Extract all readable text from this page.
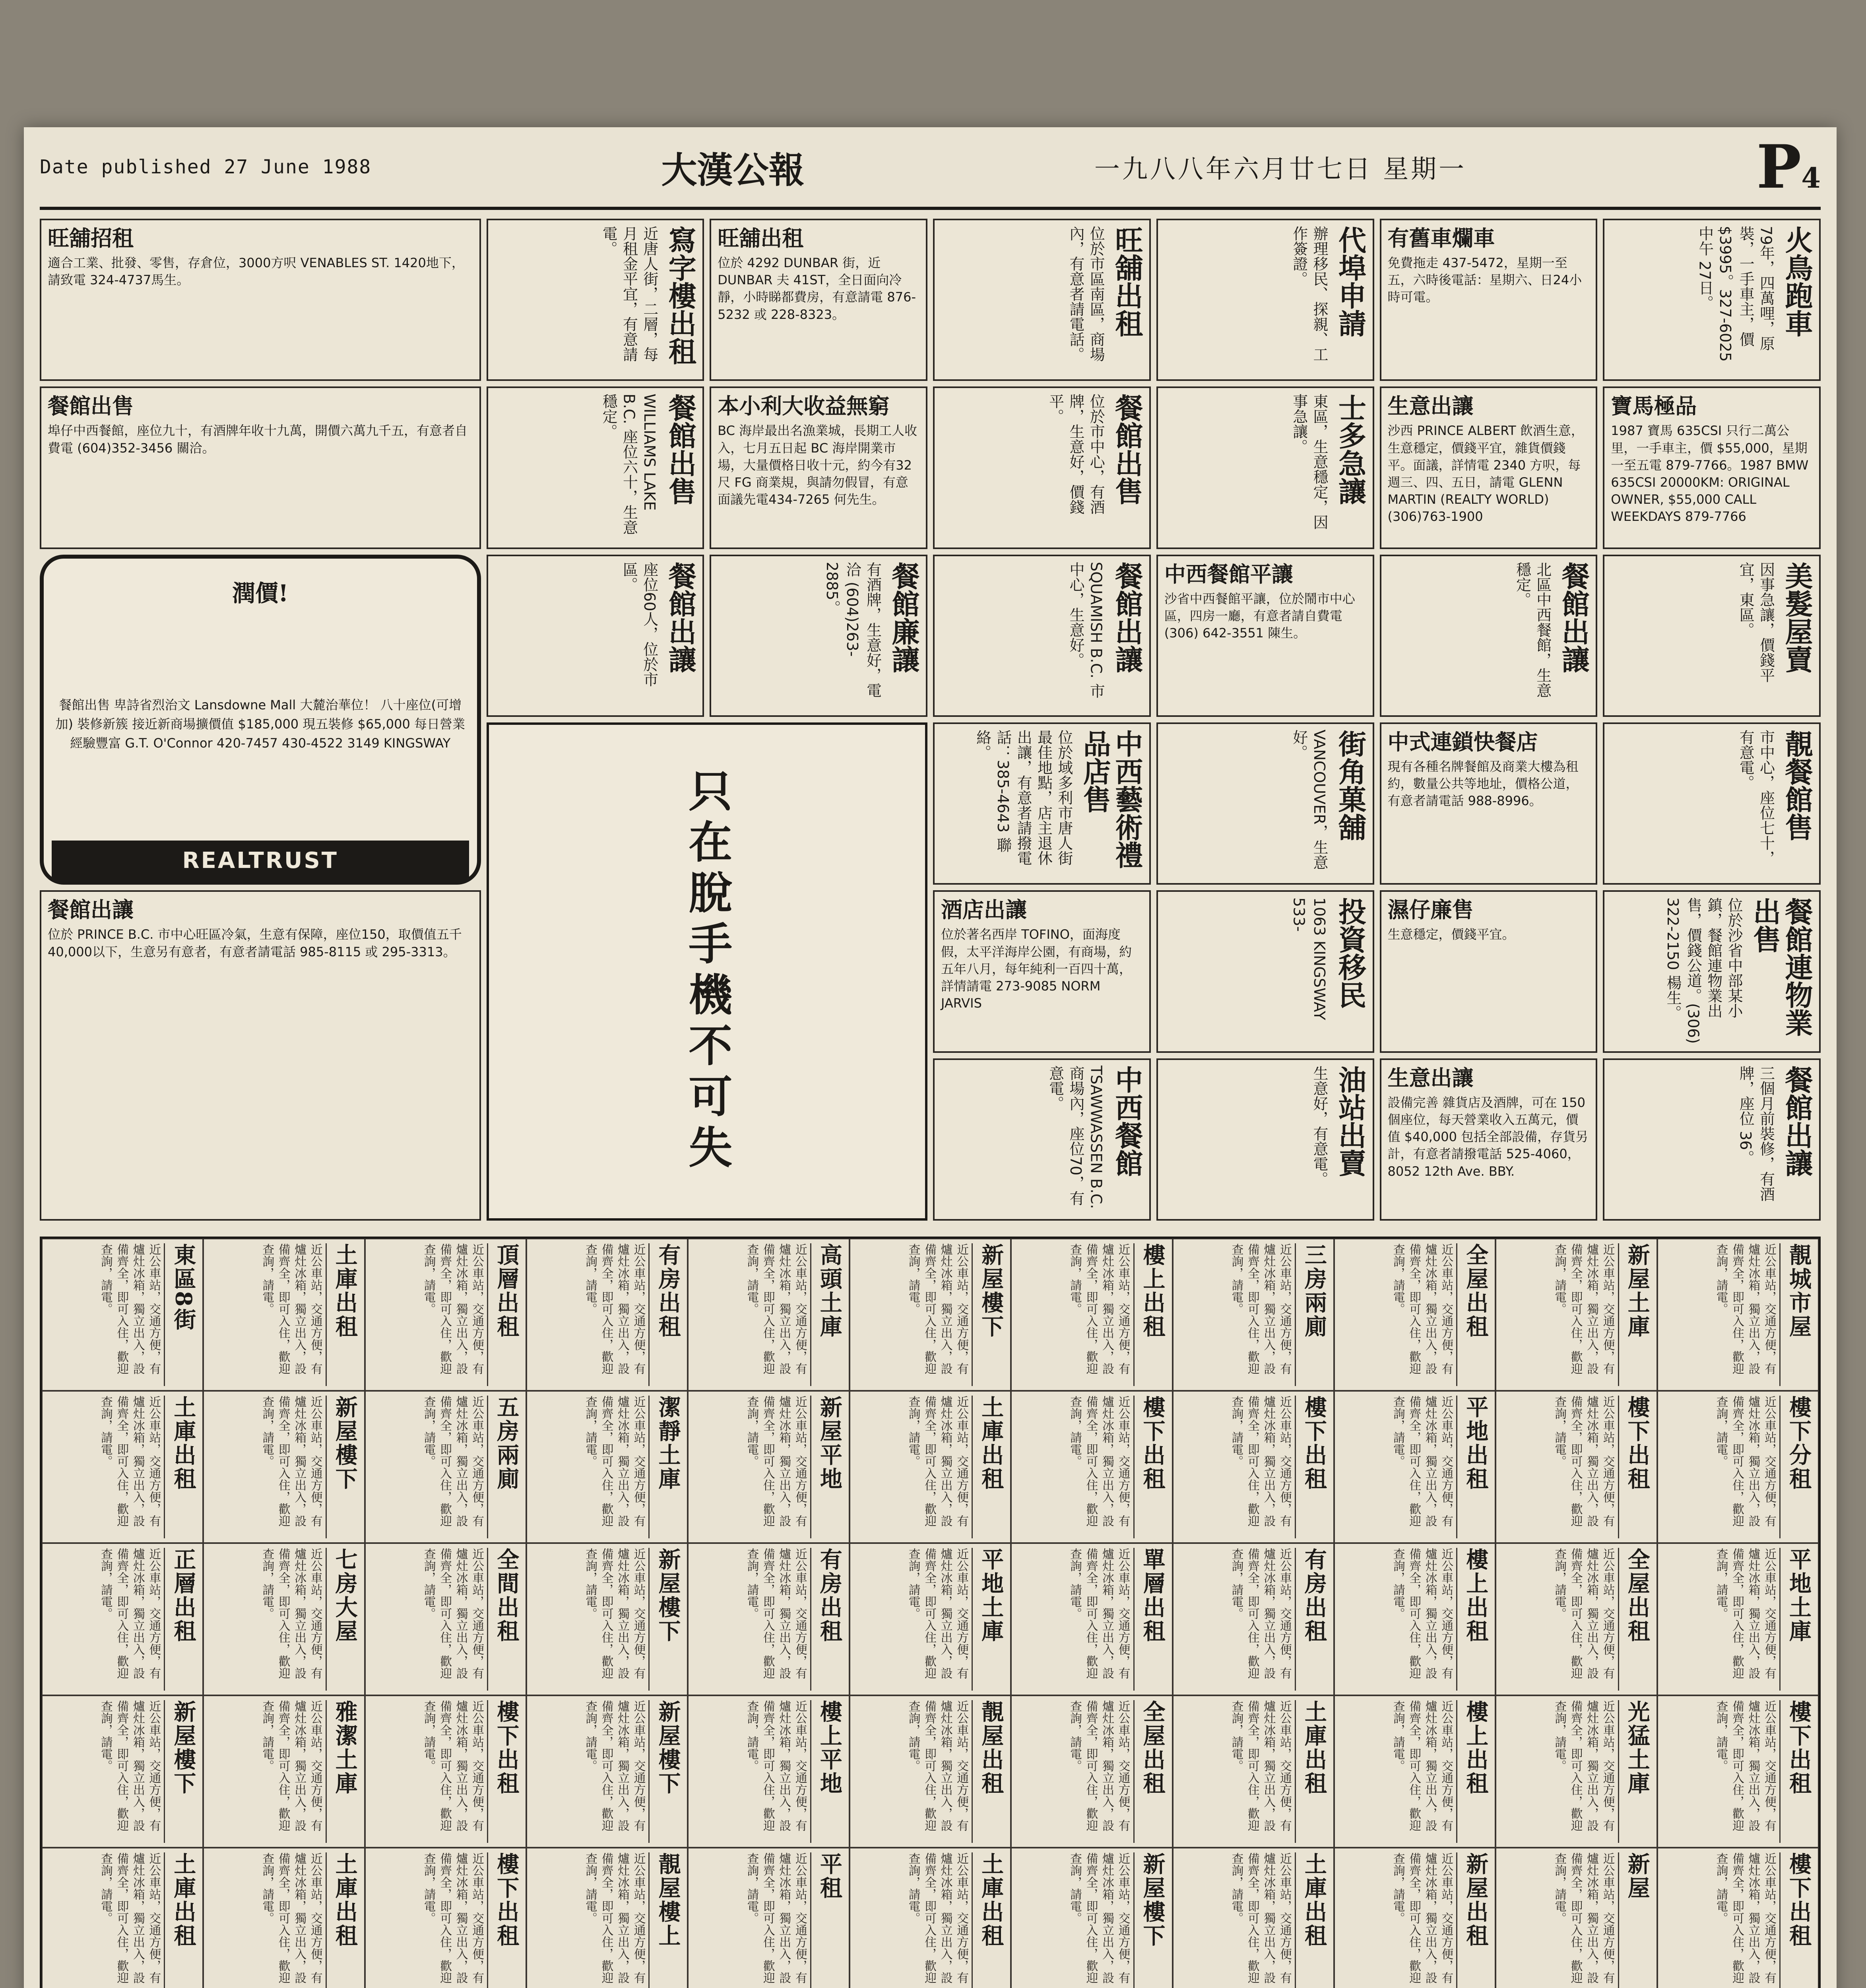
Date published 27 June 1988	大漢公報	一九八八年六月廿七日 星期一	P4
旺舖招租
適合工業、批發、零售，存倉位，3000方呎 VENABLES ST. 1420地下，請致電 324-4737馬生。	寫字樓出租
近唐人街，二層，每月租金平宜，有意請電。	旺舖出租
位於 4292 DUNBAR 街，近 DUNBAR 夫 41ST，全日面向冷靜，小時睇都費房，有意請電 876-5232 或 228-8323。	旺舖出租
位於市區南區，商場內，有意者請電話。	代埠申請
辦理移民、探親、工作簽證。	有舊車爛車
免費拖走 437-5472，星期一至五，六時後電話：星期六、日24小時可電。	火鳥跑車
79年，四萬哩，原裝，一手車主，價$3995。327-6025 中午 27日。
餐館出售
埠仔中西餐館，座位九十，有酒牌年收十九萬，開價六萬九千五，有意者自費電 (604)352-3456 關洽。	餐館出售
WILLIAMS LAKE B.C. 座位六十，生意穩定。	本小利大收益無窮
BC 海岸最出名漁業城，長期工人收入，七月五日起 BC 海岸開業市場，大量價格日收十元，約今有32尺 FG 商業規，與請勿假冒，有意面議先電434-7265 何先生。	餐館出售
位於市中心，有酒牌，生意好，價錢平。	士多急讓
東區，生意穩定，因事急讓。	生意出讓
沙西 PRINCE ALBERT 飲酒生意，生意穩定，價錢平宜，雜貨價錢平。面議，詳情電 2340 方呎，每週三、四、五日，請電 GLENN MARTIN (REALTY WORLD) (306)763-1900
寶馬極品
1987 寶馬 635CSI 只行二萬公里，一手車主，價 $55,000，星期一至五電 879-7766。1987 BMW 635CSI 20000KM: ORIGINAL OWNER, $55,000 CALL WEEKDAYS 879-7766
潤價!
餐館出售 卑詩省烈治文 Lansdowne Mall 大麓治華位！ 八十座位(可增加) 裝修新簇 接近新商場擴價值 $185,000 現五裝修 $65,000 每日營業 經驗豐富 G.T. O'Connor 420-7457 430-4522 3149 KINGSWAY
REALTRUST
餐館出讓
座位60人，位於市區。	餐館廉讓
有酒牌，生意好，電洽 (604)263-2885。	餐館出讓
SQUAMISH B.C. 市中心，生意好。	中西餐館平讓
沙省中西餐館平讓，位於鬧市中心區，四房一廳，有意者請自費電 (306) 642-3551 陳生。	餐館出讓
北區中西餐館，生意穩定。	美髮屋賣
因事急讓，價錢平宜，東區。
只在脫手機不可失	中西藝術禮品店售
位於域多利市唐人街最佳地點，店主退休出讓，有意者請撥電話：385-4643 聯絡。	街角菓舖
VANCOUVER，生意好。	中式連鎖快餐店
現有各種名牌餐館及商業大樓為租約，數量公共等地址，價格公道，有意者請電話 988-8996。	靚餐館售
市中心，座位七十，有意電。
餐館出讓
位於 PRINCE B.C. 市中心旺區冷氣，生意有保障，座位150，取價值五千40,000以下，生意另有意者，有意者請電話 985-8115 或 295-3313。
酒店出讓
位於著名西岸 TOFINO，面海度假，太平洋海岸公園，有商場，約五年八月，每年純利一百四十萬，詳情請電 273-9085 NORM JARVIS	投資移民
1063 KINGSWAY 533-	濕仔廉售
生意穩定，價錢平宜。	餐館連物業出售
位於沙省中部某小鎮，餐館連物業出售，價錢公道。(306) 322-2150 楊生。
中西餐館
TSAWWASSEN B.C. 商場內，座位70，有意電。	油站出賣
生意好，有意電。	生意出讓
設備完善 雜貨店及酒牌，可在 150 個座位，每天營業收入五萬元，價值 $40,000 包括全部設備，存貨另計，有意者請撥電話 525-4060，8052 12th Ave. BBY.	餐館出讓
三個月前裝修，有酒牌，座位 36。
東區8街
近公車站，交通方便，有爐灶冰箱，獨立出入，設備齊全，即可入住，歡迎查詢，請電。	土庫出租
近公車站，交通方便，有爐灶冰箱，獨立出入，設備齊全，即可入住，歡迎查詢，請電。	頂層出租
近公車站，交通方便，有爐灶冰箱，獨立出入，設備齊全，即可入住，歡迎查詢，請電。	有房出租
近公車站，交通方便，有爐灶冰箱，獨立出入，設備齊全，即可入住，歡迎查詢，請電。	高頭土庫
近公車站，交通方便，有爐灶冰箱，獨立出入，設備齊全，即可入住，歡迎查詢，請電。	新屋樓下
近公車站，交通方便，有爐灶冰箱，獨立出入，設備齊全，即可入住，歡迎查詢，請電。	樓上出租
近公車站，交通方便，有爐灶冰箱，獨立出入，設備齊全，即可入住，歡迎查詢，請電。	三房兩廁
近公車站，交通方便，有爐灶冰箱，獨立出入，設備齊全，即可入住，歡迎查詢，請電。	全屋出租
近公車站，交通方便，有爐灶冰箱，獨立出入，設備齊全，即可入住，歡迎查詢，請電。	新屋土庫
近公車站，交通方便，有爐灶冰箱，獨立出入，設備齊全，即可入住，歡迎查詢，請電。	靚城市屋
近公車站，交通方便，有爐灶冰箱，獨立出入，設備齊全，即可入住，歡迎查詢，請電。
土庫出租
近公車站，交通方便，有爐灶冰箱，獨立出入，設備齊全，即可入住，歡迎查詢，請電。	新屋樓下
近公車站，交通方便，有爐灶冰箱，獨立出入，設備齊全，即可入住，歡迎查詢，請電。	五房兩廁
近公車站，交通方便，有爐灶冰箱，獨立出入，設備齊全，即可入住，歡迎查詢，請電。	潔靜土庫
近公車站，交通方便，有爐灶冰箱，獨立出入，設備齊全，即可入住，歡迎查詢，請電。	新屋平地
近公車站，交通方便，有爐灶冰箱，獨立出入，設備齊全，即可入住，歡迎查詢，請電。	土庫出租
近公車站，交通方便，有爐灶冰箱，獨立出入，設備齊全，即可入住，歡迎查詢，請電。	樓下出租
近公車站，交通方便，有爐灶冰箱，獨立出入，設備齊全，即可入住，歡迎查詢，請電。	樓下出租
近公車站，交通方便，有爐灶冰箱，獨立出入，設備齊全，即可入住，歡迎查詢，請電。	平地出租
近公車站，交通方便，有爐灶冰箱，獨立出入，設備齊全，即可入住，歡迎查詢，請電。	樓下出租
近公車站，交通方便，有爐灶冰箱，獨立出入，設備齊全，即可入住，歡迎查詢，請電。	樓下分租
近公車站，交通方便，有爐灶冰箱，獨立出入，設備齊全，即可入住，歡迎查詢，請電。
正層出租
近公車站，交通方便，有爐灶冰箱，獨立出入，設備齊全，即可入住，歡迎查詢，請電。	七房大屋
近公車站，交通方便，有爐灶冰箱，獨立出入，設備齊全，即可入住，歡迎查詢，請電。	全間出租
近公車站，交通方便，有爐灶冰箱，獨立出入，設備齊全，即可入住，歡迎查詢，請電。	新屋樓下
近公車站，交通方便，有爐灶冰箱，獨立出入，設備齊全，即可入住，歡迎查詢，請電。	有房出租
近公車站，交通方便，有爐灶冰箱，獨立出入，設備齊全，即可入住，歡迎查詢，請電。	平地土庫
近公車站，交通方便，有爐灶冰箱，獨立出入，設備齊全，即可入住，歡迎查詢，請電。	單層出租
近公車站，交通方便，有爐灶冰箱，獨立出入，設備齊全，即可入住，歡迎查詢，請電。	有房出租
近公車站，交通方便，有爐灶冰箱，獨立出入，設備齊全，即可入住，歡迎查詢，請電。	樓上出租
近公車站，交通方便，有爐灶冰箱，獨立出入，設備齊全，即可入住，歡迎查詢，請電。	全屋出租
近公車站，交通方便，有爐灶冰箱，獨立出入，設備齊全，即可入住，歡迎查詢，請電。	平地土庫
近公車站，交通方便，有爐灶冰箱，獨立出入，設備齊全，即可入住，歡迎查詢，請電。
新屋樓下
近公車站，交通方便，有爐灶冰箱，獨立出入，設備齊全，即可入住，歡迎查詢，請電。	雅潔土庫
近公車站，交通方便，有爐灶冰箱，獨立出入，設備齊全，即可入住，歡迎查詢，請電。	樓下出租
近公車站，交通方便，有爐灶冰箱，獨立出入，設備齊全，即可入住，歡迎查詢，請電。	新屋樓下
近公車站，交通方便，有爐灶冰箱，獨立出入，設備齊全，即可入住，歡迎查詢，請電。	樓上平地
近公車站，交通方便，有爐灶冰箱，獨立出入，設備齊全，即可入住，歡迎查詢，請電。	靚屋出租
近公車站，交通方便，有爐灶冰箱，獨立出入，設備齊全，即可入住，歡迎查詢，請電。	全屋出租
近公車站，交通方便，有爐灶冰箱，獨立出入，設備齊全，即可入住，歡迎查詢，請電。	土庫出租
近公車站，交通方便，有爐灶冰箱，獨立出入，設備齊全，即可入住，歡迎查詢，請電。	樓上出租
近公車站，交通方便，有爐灶冰箱，獨立出入，設備齊全，即可入住，歡迎查詢，請電。	光猛土庫
近公車站，交通方便，有爐灶冰箱，獨立出入，設備齊全，即可入住，歡迎查詢，請電。	樓下出租
近公車站，交通方便，有爐灶冰箱，獨立出入，設備齊全，即可入住，歡迎查詢，請電。
土庫出租
近公車站，交通方便，有爐灶冰箱，獨立出入，設備齊全，即可入住，歡迎查詢，請電。	土庫出租
近公車站，交通方便，有爐灶冰箱，獨立出入，設備齊全，即可入住，歡迎查詢，請電。	樓下出租
近公車站，交通方便，有爐灶冰箱，獨立出入，設備齊全，即可入住，歡迎查詢，請電。	靚屋樓上
近公車站，交通方便，有爐灶冰箱，獨立出入，設備齊全，即可入住，歡迎查詢，請電。	平租
近公車站，交通方便，有爐灶冰箱，獨立出入，設備齊全，即可入住，歡迎查詢，請電。	土庫出租
近公車站，交通方便，有爐灶冰箱，獨立出入，設備齊全，即可入住，歡迎查詢，請電。	新屋樓下
近公車站，交通方便，有爐灶冰箱，獨立出入，設備齊全，即可入住，歡迎查詢，請電。	土庫出租
近公車站，交通方便，有爐灶冰箱，獨立出入，設備齊全，即可入住，歡迎查詢，請電。	新屋出租
近公車站，交通方便，有爐灶冰箱，獨立出入，設備齊全，即可入住，歡迎查詢，請電。	新屋
近公車站，交通方便，有爐灶冰箱，獨立出入，設備齊全，即可入住，歡迎查詢，請電。	樓下出租
近公車站，交通方便，有爐灶冰箱，獨立出入，設備齊全，即可入住，歡迎查詢，請電。
